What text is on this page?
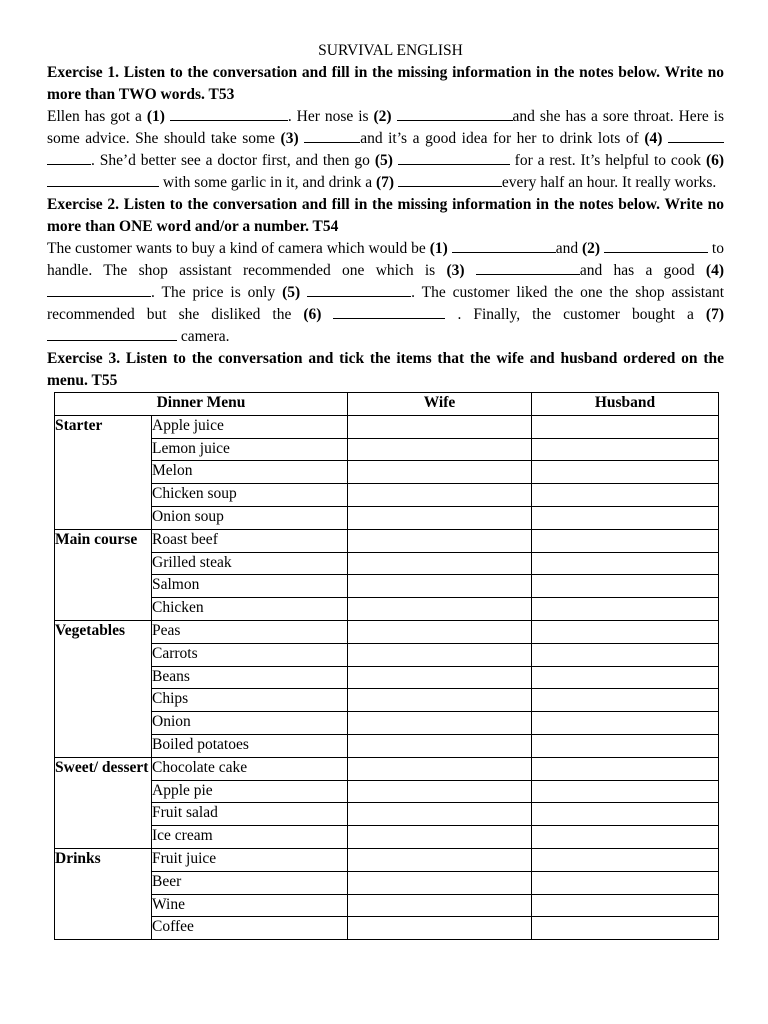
SURVIVAL ENGLISH
Exercise 1. Listen to the conversation and fill in the missing information in the notes below. Write no more than TWO words. T53
Ellen has got a (1)	. Her nose is (2)	and she has a sore throat. Here is some advice. She should take some (3)	and it’s a good idea for her to drink lots of (4)  . She’d better see a doctor first, and then go (5)	for a rest. It’s helpful to cook (6)  with some garlic in it, and drink a (7)	every half an hour. It really works.
Exercise 2. Listen to the conversation and fill in the missing information in the notes below. Write no more than ONE word and/or a number. T54
The customer wants to buy a kind of camera which would be (1)	and (2)	to handle. The shop assistant recommended one which is (3)	and has a good (4) . The price is only (5)	. The customer liked the one the shop assistant recommended but she disliked the (6)	. Finally, the customer bought a (7)  camera.
Exercise 3. Listen to the conversation and tick the items that the wife and husband ordered on the menu. T55
Dinner Menu		Wife	Husband
Starter	Apple juice		
	Lemon juice		
	Melon		
	Chicken soup		
	Onion soup		
Main course	Roast beef		
	Grilled steak		
	Salmon		
	Chicken		
Vegetables	Peas		
	Carrots		
	Beans		
	Chips		
	Onion		
	Boiled potatoes		
Sweet/ dessert	Chocolate cake		
	Apple pie		
	Fruit salad		
	Ice cream		
Drinks	Fruit juice		
	Beer		
	Wine		
	Coffee		
